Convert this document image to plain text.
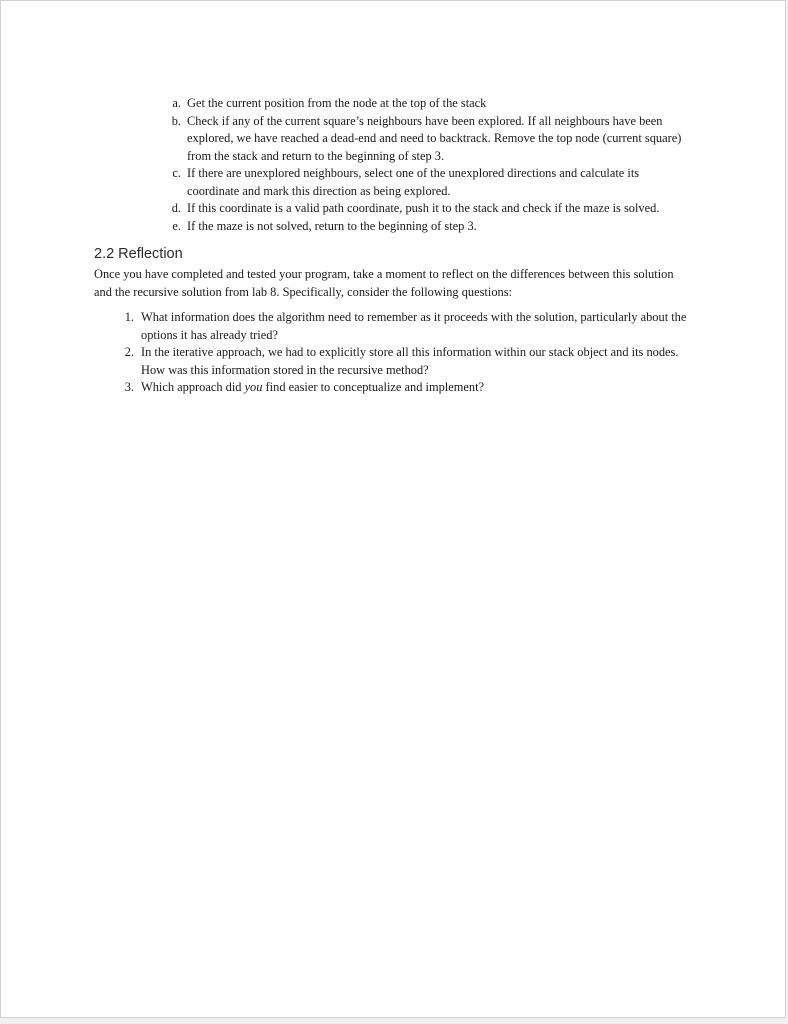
a. Get the current position from the node at the top of the stack
b. Check if any of the current square’s neighbours have been explored. If all neighbours have been explored, we have reached a dead-end and need to backtrack. Remove the top node (current square) from the stack and return to the beginning of step 3.
c. If there are unexplored neighbours, select one of the unexplored directions and calculate its coordinate and mark this direction as being explored.
d. If this coordinate is a valid path coordinate, push it to the stack and check if the maze is solved.
e. If the maze is not solved, return to the beginning of step 3.
2.2 Reflection

Once you have completed and tested your program, take a moment to reflect on the differences between this solution and the recursive solution from lab 8. Specifically, consider the following questions:

1. What information does the algorithm need to remember as it proceeds with the solution, particularly about the options it has already tried?
2. In the iterative approach, we had to explicitly store all this information within our stack object and its nodes. How was this information stored in the recursive method?
3. Which approach did you find easier to conceptualize and implement?
